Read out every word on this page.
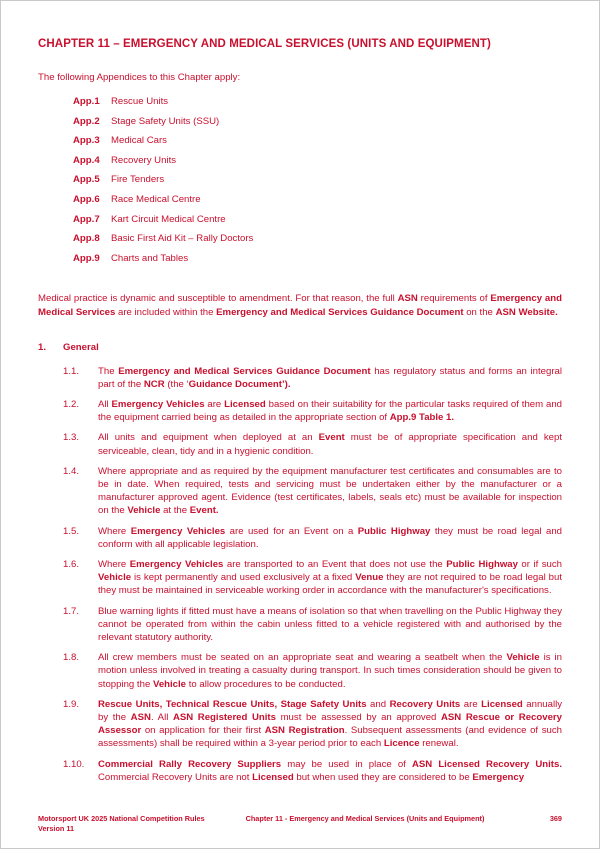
CHAPTER 11 – EMERGENCY AND MEDICAL SERVICES (UNITS AND EQUIPMENT)

The following Appendices to this Chapter apply:

App.1	Rescue Units
App.2	Stage Safety Units (SSU)
App.3	Medical Cars
App.4	Recovery Units
App.5	Fire Tenders
App.6	Race Medical Centre
App.7	Kart Circuit Medical Centre
App.8	Basic First Aid Kit – Rally Doctors
App.9	Charts and Tables

Medical practice is dynamic and susceptible to amendment. For that reason, the full ASN requirements of Emergency and Medical Services are included within the Emergency and Medical Services Guidance Document on the ASN Website.

1.	General
1.1.	The Emergency and Medical Services Guidance Document has regulatory status and forms an integral part of the NCR (the ‘Guidance Document’).

1.2.	All Emergency Vehicles are Licensed based on their suitability for the particular tasks required of them and the equipment carried being as detailed in the appropriate section of App.9 Table 1.

1.3.	All units and equipment when deployed at an Event must be of appropriate specification and kept serviceable, clean, tidy and in a hygienic condition.

1.4.	Where appropriate and as required by the equipment manufacturer test certificates and consumables are to be in date. When required, tests and servicing must be undertaken either by the manufacturer or a manufacturer approved agent. Evidence (test certificates, labels, seals etc) must be available for inspection on the Vehicle at the Event.

1.5.	Where Emergency Vehicles are used for an Event on a Public Highway they must be road legal and conform with all applicable legislation.

1.6.	Where Emergency Vehicles are transported to an Event that does not use the Public Highway or if such Vehicle is kept permanently and used exclusively at a fixed Venue they are not required to be road legal but they must be maintained in serviceable working order in accordance with the manufacturer's specifications.

1.7.	Blue warning lights if fitted must have a means of isolation so that when travelling on the Public Highway they cannot be operated from within the cabin unless fitted to a vehicle registered with and authorised by the relevant statutory authority.

1.8.	All crew members must be seated on an appropriate seat and wearing a seatbelt when the Vehicle is in motion unless involved in treating a casualty during transport. In such times consideration should be given to stopping the Vehicle to allow procedures to be conducted.

1.9.	Rescue Units, Technical Rescue Units, Stage Safety Units and Recovery Units are Licensed annually by the ASN. All ASN Registered Units must be assessed by an approved ASN Rescue or Recovery Assessor on application for their first ASN Registration. Subsequent assessments (and evidence of such assessments) shall be required within a 3-year period prior to each Licence renewal.

1.10.	Commercial Rally Recovery Suppliers may be used in place of ASN Licensed Recovery Units. Commercial Recovery Units are not Licensed but when used they are considered to be Emergency

Motorsport UK 2025 National Competition Rules
Version 11
Chapter 11 - Emergency and Medical Services (Units and Equipment)	369
